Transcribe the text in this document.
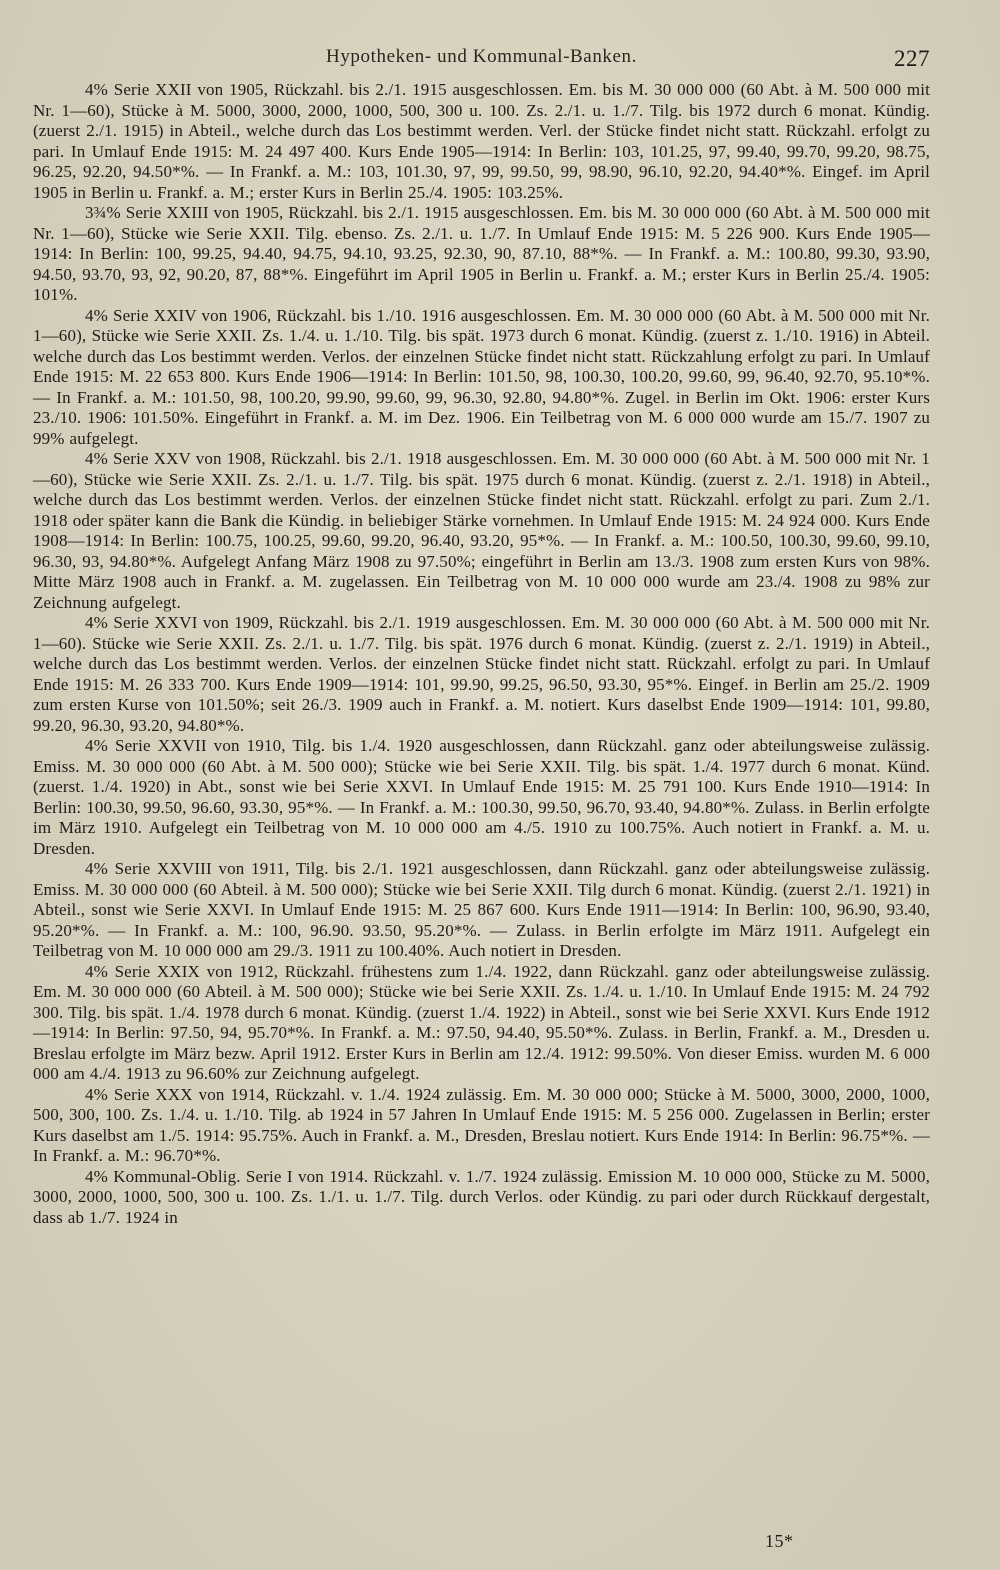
Hypotheken- und Kommunal-Banken.	227

4% Serie XXII von 1905, Rückzahl. bis 2./1. 1915 ausgeschlossen. Em. bis M. 30 000 000 (60 Abt. à M. 500 000 mit Nr. 1—60), Stücke à M. 5000, 3000, 2000, 1000, 500, 300 u. 100. Zs. 2./1. u. 1./7. Tilg. bis 1972 durch 6 monat. Kündig. (zuerst 2./1. 1915) in Abteil., welche durch das Los bestimmt werden. Verl. der Stücke findet nicht statt. Rückzahl. erfolgt zu pari. In Umlauf Ende 1915: M. 24 497 400. Kurs Ende 1905—1914: In Berlin: 103, 101.25, 97, 99.40, 99.70, 99.20, 98.75, 96.25, 92.20, 94.50*%. — In Frankf. a. M.: 103, 101.30, 97, 99, 99.50, 99, 98.90, 96.10, 92.20, 94.40*%. Eingef. im April 1905 in Berlin u. Frankf. a. M.; erster Kurs in Berlin 25./4. 1905: 103.25%.

3¾% Serie XXIII von 1905, Rückzahl. bis 2./1. 1915 ausgeschlossen. Em. bis M. 30 000 000 (60 Abt. à M. 500 000 mit Nr. 1—60), Stücke wie Serie XXII. Tilg. ebenso. Zs. 2./1. u. 1./7. In Umlauf Ende 1915: M. 5 226 900. Kurs Ende 1905—1914: In Berlin: 100, 99.25, 94.40, 94.75, 94.10, 93.25, 92.30, 90, 87.10, 88*%. — In Frankf. a. M.: 100.80, 99.30, 93.90, 94.50, 93.70, 93, 92, 90.20, 87, 88*%. Eingeführt im April 1905 in Berlin u. Frankf. a. M.; erster Kurs in Berlin 25./4. 1905: 101%.

4% Serie XXIV von 1906, Rückzahl. bis 1./10. 1916 ausgeschlossen. Em. M. 30 000 000 (60 Abt. à M. 500 000 mit Nr. 1—60), Stücke wie Serie XXII. Zs. 1./4. u. 1./10. Tilg. bis spät. 1973 durch 6 monat. Kündig. (zuerst z. 1./10. 1916) in Abteil. welche durch das Los bestimmt werden. Verlos. der einzelnen Stücke findet nicht statt. Rückzahlung erfolgt zu pari. In Umlauf Ende 1915: M. 22 653 800. Kurs Ende 1906—1914: In Berlin: 101.50, 98, 100.30, 100.20, 99.60, 99, 96.40, 92.70, 95.10*%. — In Frankf. a. M.: 101.50, 98, 100.20, 99.90, 99.60, 99, 96.30, 92.80, 94.80*%. Zugel. in Berlin im Okt. 1906: erster Kurs 23./10. 1906: 101.50%. Eingeführt in Frankf. a. M. im Dez. 1906. Ein Teilbetrag von M. 6 000 000 wurde am 15./7. 1907 zu 99% aufgelegt.

4% Serie XXV von 1908, Rückzahl. bis 2./1. 1918 ausgeschlossen. Em. M. 30 000 000 (60 Abt. à M. 500 000 mit Nr. 1—60), Stücke wie Serie XXII. Zs. 2./1. u. 1./7. Tilg. bis spät. 1975 durch 6 monat. Kündig. (zuerst z. 2./1. 1918) in Abteil., welche durch das Los bestimmt werden. Verlos. der einzelnen Stücke findet nicht statt. Rückzahl. erfolgt zu pari. Zum 2./1. 1918 oder später kann die Bank die Kündig. in beliebiger Stärke vornehmen. In Umlauf Ende 1915: M. 24 924 000. Kurs Ende 1908—1914: In Berlin: 100.75, 100.25, 99.60, 99.20, 96.40, 93.20, 95*%. — In Frankf. a. M.: 100.50, 100.30, 99.60, 99.10, 96.30, 93, 94.80*%. Aufgelegt Anfang März 1908 zu 97.50%; eingeführt in Berlin am 13./3. 1908 zum ersten Kurs von 98%. Mitte März 1908 auch in Frankf. a. M. zugelassen. Ein Teilbetrag von M. 10 000 000 wurde am 23./4. 1908 zu 98% zur Zeichnung aufgelegt.

4% Serie XXVI von 1909, Rückzahl. bis 2./1. 1919 ausgeschlossen. Em. M. 30 000 000 (60 Abt. à M. 500 000 mit Nr. 1—60). Stücke wie Serie XXII. Zs. 2./1. u. 1./7. Tilg. bis spät. 1976 durch 6 monat. Kündig. (zuerst z. 2./1. 1919) in Abteil., welche durch das Los bestimmt werden. Verlos. der einzelnen Stücke findet nicht statt. Rückzahl. erfolgt zu pari. In Umlauf Ende 1915: M. 26 333 700. Kurs Ende 1909—1914: 101, 99.90, 99.25, 96.50, 93.30, 95*%. Eingef. in Berlin am 25./2. 1909 zum ersten Kurse von 101.50%; seit 26./3. 1909 auch in Frankf. a. M. notiert. Kurs daselbst Ende 1909—1914: 101, 99.80, 99.20, 96.30, 93.20, 94.80*%.

4% Serie XXVII von 1910, Tilg. bis 1./4. 1920 ausgeschlossen, dann Rückzahl. ganz oder abteilungsweise zulässig. Emiss. M. 30 000 000 (60 Abt. à M. 500 000); Stücke wie bei Serie XXII. Tilg. bis spät. 1./4. 1977 durch 6 monat. Künd. (zuerst. 1./4. 1920) in Abt., sonst wie bei Serie XXVI. In Umlauf Ende 1915: M. 25 791 100. Kurs Ende 1910—1914: In Berlin: 100.30, 99.50, 96.60, 93.30, 95*%. — In Frankf. a. M.: 100.30, 99.50, 96.70, 93.40, 94.80*%. Zulass. in Berlin erfolgte im März 1910. Aufgelegt ein Teilbetrag von M. 10 000 000 am 4./5. 1910 zu 100.75%. Auch notiert in Frankf. a. M. u. Dresden.

4% Serie XXVIII von 1911, Tilg. bis 2./1. 1921 ausgeschlossen, dann Rückzahl. ganz oder abteilungsweise zulässig. Emiss. M. 30 000 000 (60 Abteil. à M. 500 000); Stücke wie bei Serie XXII. Tilg durch 6 monat. Kündig. (zuerst 2./1. 1921) in Abteil., sonst wie Serie XXVI. In Umlauf Ende 1915: M. 25 867 600. Kurs Ende 1911—1914: In Berlin: 100, 96.90, 93.40, 95.20*%. — In Frankf. a. M.: 100, 96.90. 93.50, 95.20*%. — Zulass. in Berlin erfolgte im März 1911. Aufgelegt ein Teilbetrag von M. 10 000 000 am 29./3. 1911 zu 100.40%. Auch notiert in Dresden.

4% Serie XXIX von 1912, Rückzahl. frühestens zum 1./4. 1922, dann Rückzahl. ganz oder abteilungsweise zulässig. Em. M. 30 000 000 (60 Abteil. à M. 500 000); Stücke wie bei Serie XXII. Zs. 1./4. u. 1./10. In Umlauf Ende 1915: M. 24 792 300. Tilg. bis spät. 1./4. 1978 durch 6 monat. Kündig. (zuerst 1./4. 1922) in Abteil., sonst wie bei Serie XXVI. Kurs Ende 1912—1914: In Berlin: 97.50, 94, 95.70*%. In Frankf. a. M.: 97.50, 94.40, 95.50*%. Zulass. in Berlin, Frankf. a. M., Dresden u. Breslau erfolgte im März bezw. April 1912. Erster Kurs in Berlin am 12./4. 1912: 99.50%. Von dieser Emiss. wurden M. 6 000 000 am 4./4. 1913 zu 96.60% zur Zeichnung aufgelegt.

4% Serie XXX von 1914, Rückzahl. v. 1./4. 1924 zulässig. Em. M. 30 000 000; Stücke à M. 5000, 3000, 2000, 1000, 500, 300, 100. Zs. 1./4. u. 1./10. Tilg. ab 1924 in 57 Jahren In Umlauf Ende 1915: M. 5 256 000. Zugelassen in Berlin; erster Kurs daselbst am 1./5. 1914: 95.75%. Auch in Frankf. a. M., Dresden, Breslau notiert. Kurs Ende 1914: In Berlin: 96.75*%. — In Frankf. a. M.: 96.70*%.

4% Kommunal-Oblig. Serie I von 1914. Rückzahl. v. 1./7. 1924 zulässig. Emission M. 10 000 000, Stücke zu M. 5000, 3000, 2000, 1000, 500, 300 u. 100. Zs. 1./1. u. 1./7. Tilg. durch Verlos. oder Kündig. zu pari oder durch Rückkauf dergestalt, dass ab 1./7. 1924 in

15*
